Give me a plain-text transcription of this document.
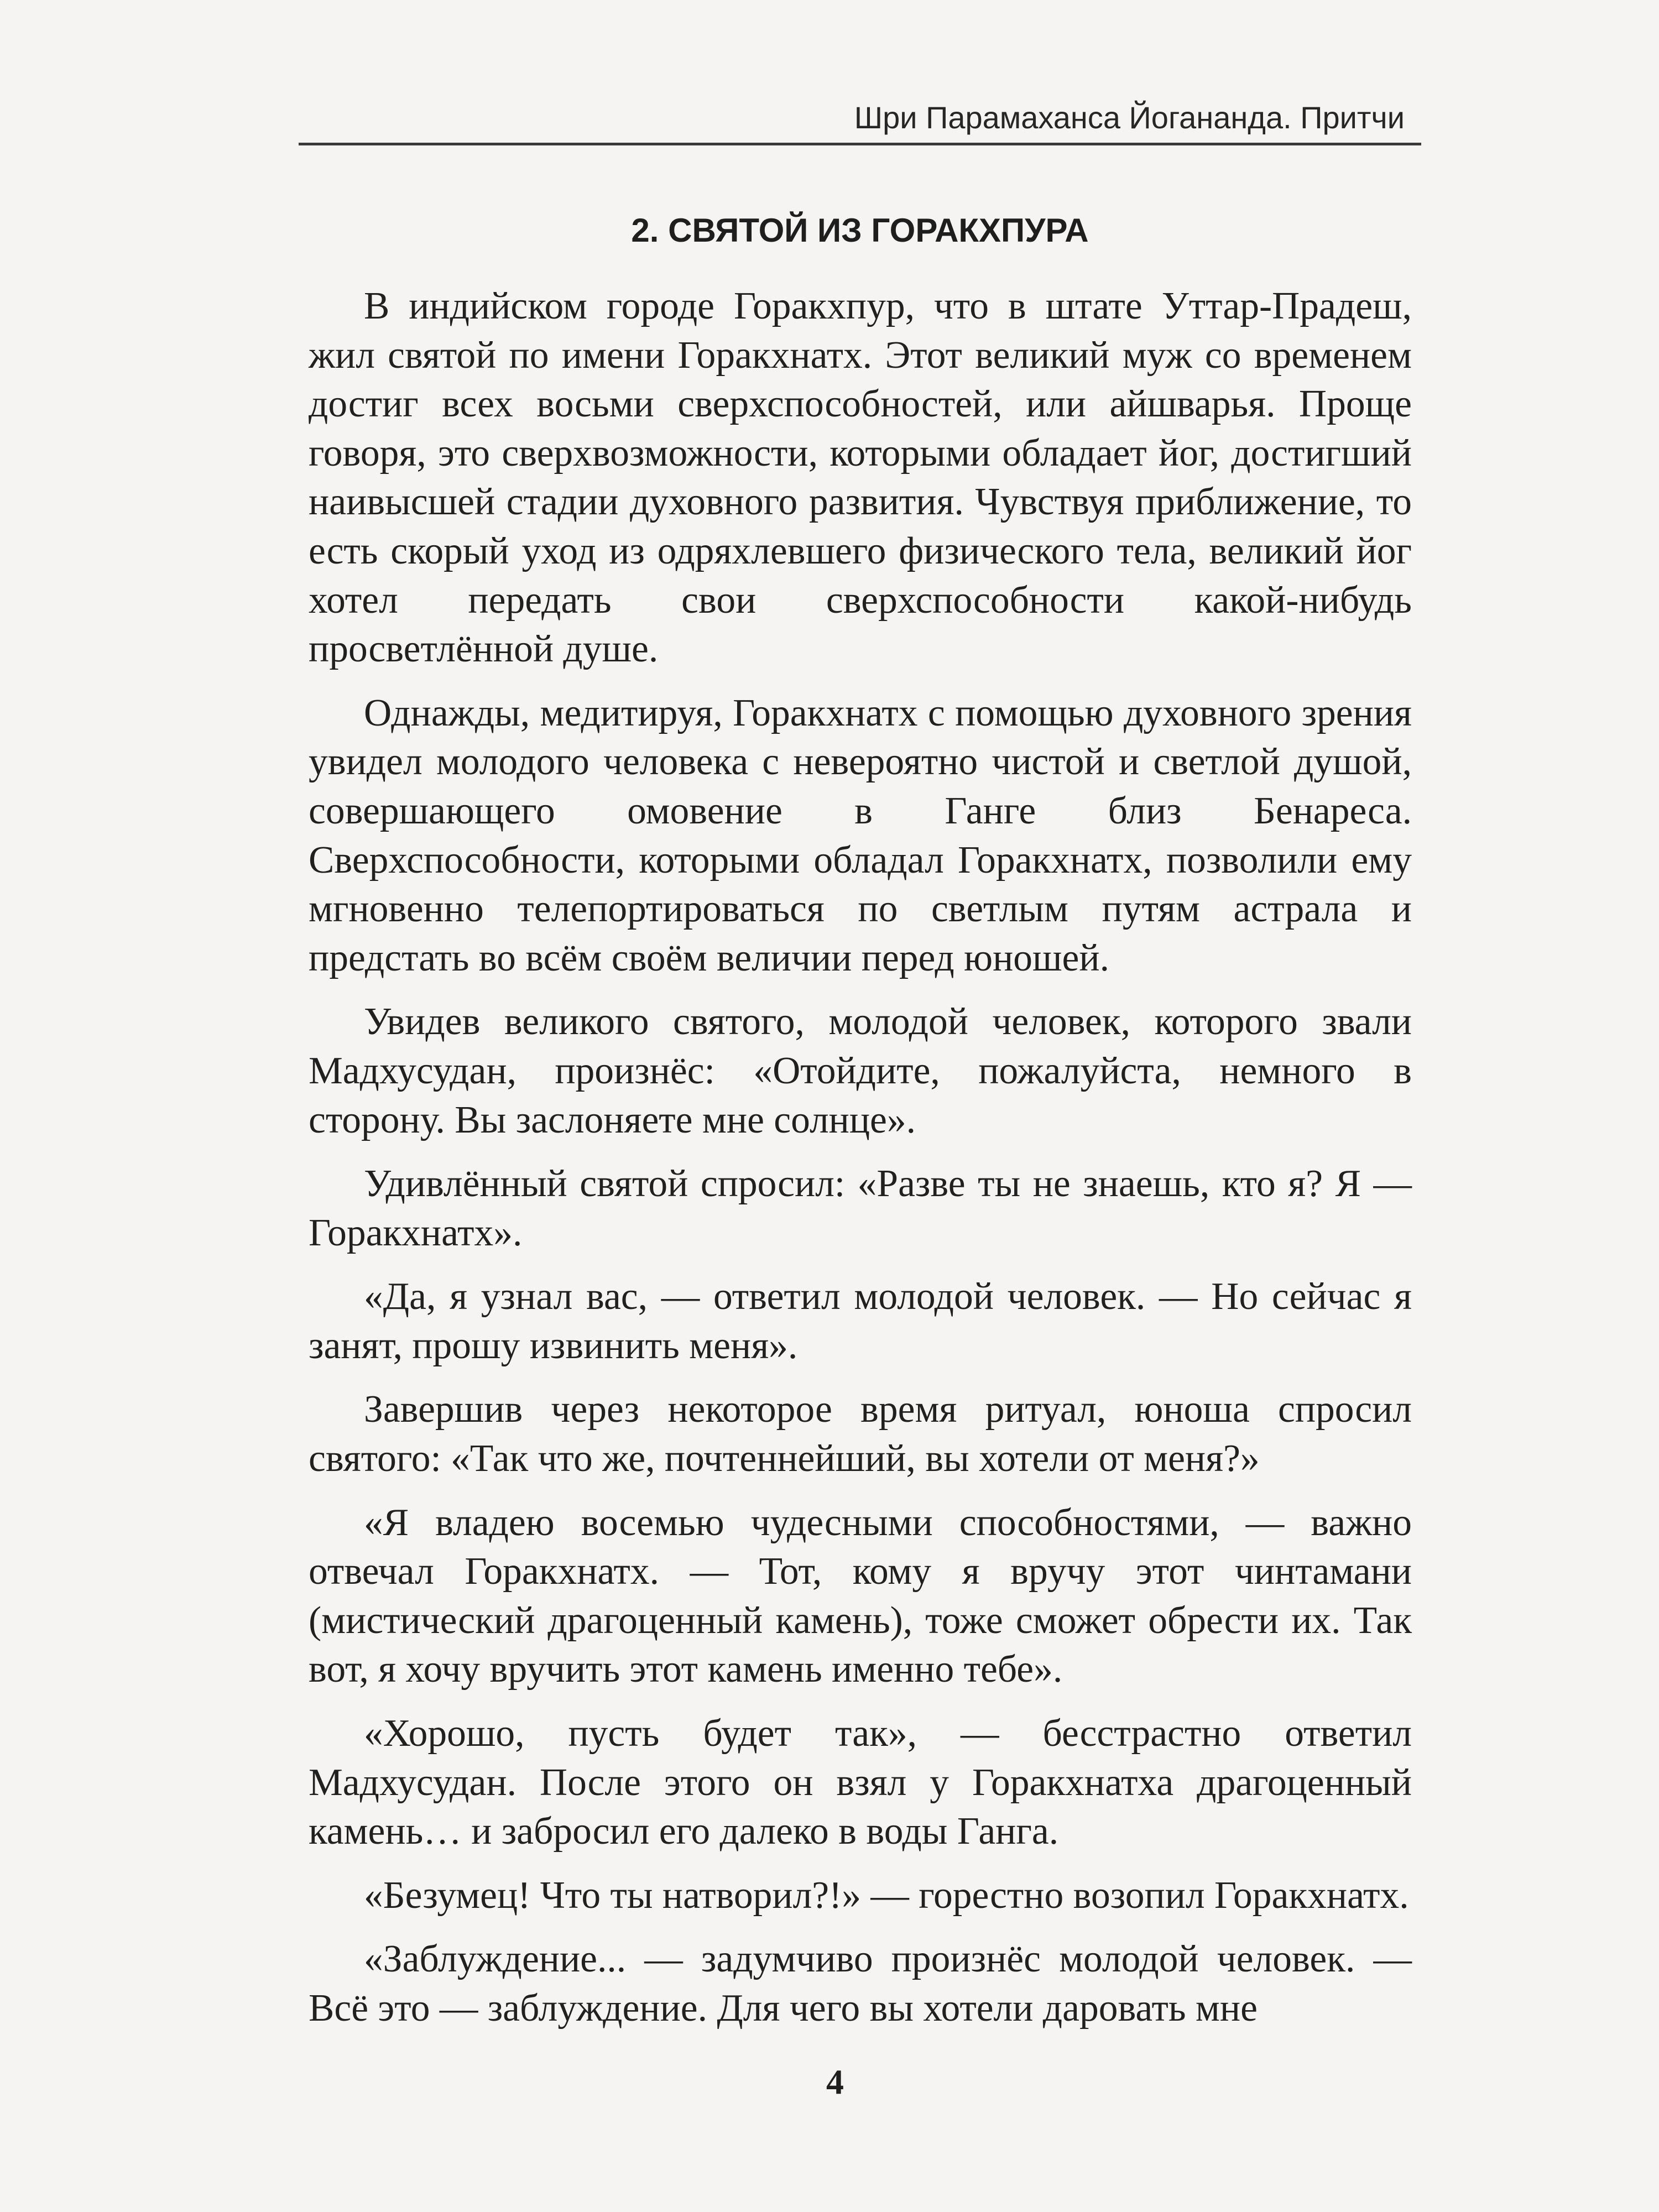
Шри Парамаханса Йогананда. Притчи
2. СВЯТОЙ ИЗ ГОРАКХПУРА

В индийском городе Горакхпур, что в штате Уттар-Прадеш, жил святой по имени Горакхнатх. Этот великий муж со временем достиг всех восьми сверхспособностей, или айшварья. Проще говоря, это сверхвозможности, которыми обладает йог, достигший наивысшей стадии духовного развития. Чувствуя приближение, то есть скорый уход из одряхлевшего физического тела, великий йог хотел передать свои сверхспособности какой-нибудь просветлённой душе.

Однажды, медитируя, Горакхнатх с помощью духовного зрения увидел молодого человека с невероятно чистой и светлой душой, совершающего омовение в Ганге близ Бенареса. Сверхспособности, которыми обладал Горакхнатх, позволили ему мгновенно телепортироваться по светлым путям астрала и предстать во всём своём величии перед юношей.

Увидев великого святого, молодой человек, которого звали Мадхусудан, произнёс: «Отойдите, пожалуйста, немного в сторону. Вы заслоняете мне солнце».

Удивлённый святой спросил: «Разве ты не знаешь, кто я? Я — Горакхнатх».

«Да, я узнал вас, — ответил молодой человек. — Но сейчас я занят, прошу извинить меня».

Завершив через некоторое время ритуал, юноша спросил святого: «Так что же, почтеннейший, вы хотели от меня?»

«Я владею восемью чудесными способностями, — важно отвечал Горакхнатх. — Тот, кому я вручу этот чинтамани (мистический драгоценный камень), тоже сможет обрести их. Так вот, я хочу вручить этот камень именно тебе».

«Хорошо, пусть будет так», — бесстрастно ответил Мадхусудан. После этого он взял у Горакхнатха драгоценный камень… и забросил его далеко в воды Ганга.

«Безумец! Что ты натворил?!» — горестно возопил Горакхнатх.

«Заблуждение... — задумчиво произнёс молодой человек. — Всё это — заблуждение. Для чего вы хотели даровать мне

4
